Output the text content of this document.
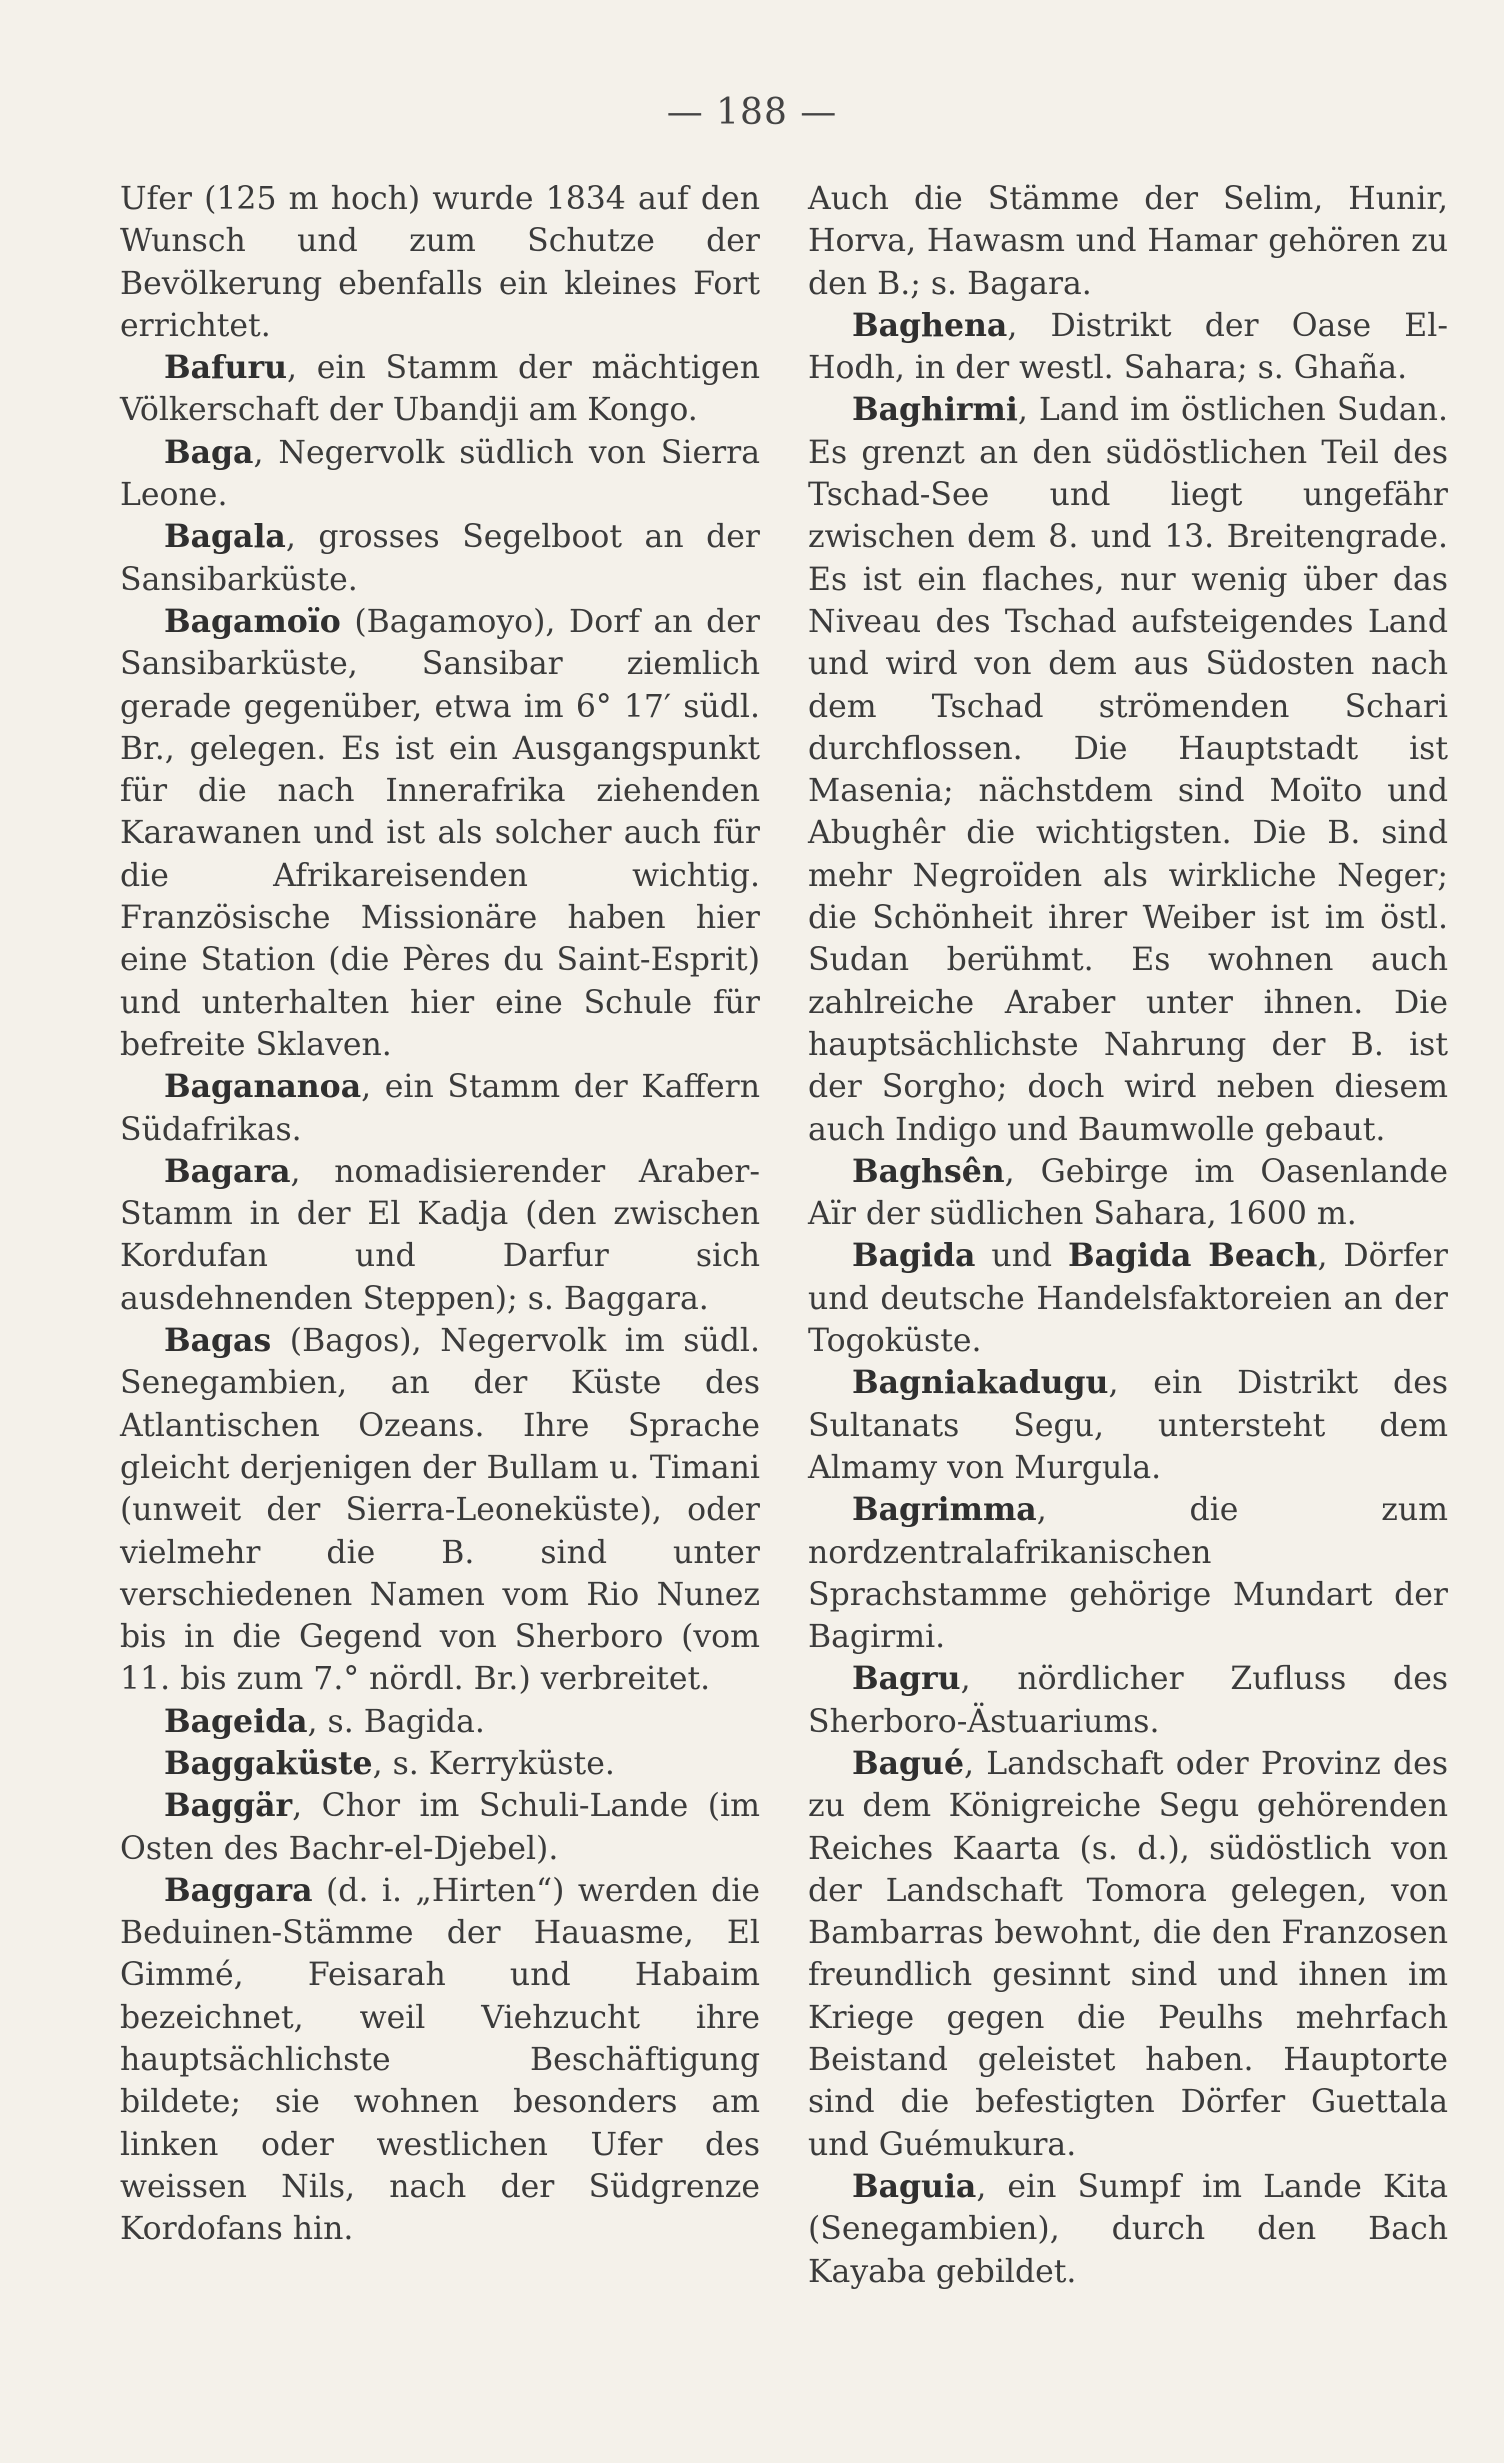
— 188 —

Ufer (125 m hoch) wurde 1834 auf den Wunsch und zum Schutze der Bevölkerung ebenfalls ein kleines Fort errichtet.

Bafuru, ein Stamm der mächtigen Völkerschaft der Ubandji am Kongo.

Baga, Negervolk südlich von Sierra Leone.

Bagala, grosses Segelboot an der Sansibarküste.

Bagamoïo (Bagamoyo), Dorf an der Sansibarküste, Sansibar ziemlich gerade gegenüber, etwa im 6° 17′ südl. Br., gelegen. Es ist ein Ausgangspunkt für die nach Innerafrika ziehenden Karawanen und ist als solcher auch für die Afrikareisenden wichtig. Französische Missionäre haben hier eine Station (die Pères du Saint-Esprit) und unterhalten hier eine Schule für befreite Sklaven.

Bagananoa, ein Stamm der Kaffern Südafrikas.

Bagara, nomadisierender Araber-Stamm in der El Kadja (den zwischen Kordufan und Darfur sich ausdehnenden Steppen); s. Baggara.

Bagas (Bagos), Negervolk im südl. Senegambien, an der Küste des Atlantischen Ozeans. Ihre Sprache gleicht derjenigen der Bullam u. Timani (unweit der Sierra-Leoneküste), oder vielmehr die B. sind unter verschiedenen Namen vom Rio Nunez bis in die Gegend von Sherboro (vom 11. bis zum 7.° nördl. Br.) verbreitet.

Bageida, s. Bagida.

Baggaküste, s. Kerryküste.

Baggär, Chor im Schuli-Lande (im Osten des Bachr-el-Djebel).

Baggara (d. i. „Hirten“) werden die Beduinen-Stämme der Hauasme, El Gimmé, Feisarah und Habaim bezeichnet, weil Viehzucht ihre hauptsächlichste Beschäftigung bildete; sie wohnen besonders am linken oder westlichen Ufer des weissen Nils, nach der Südgrenze Kordofans hin.

Auch die Stämme der Selim, Hunir, Horva, Hawasm und Hamar gehören zu den B.; s. Bagara.

Baghena, Distrikt der Oase El-Hodh, in der westl. Sahara; s. Ghaña.

Baghirmi, Land im östlichen Sudan. Es grenzt an den südöstlichen Teil des Tschad-See und liegt ungefähr zwischen dem 8. und 13. Breitengrade. Es ist ein flaches, nur wenig über das Niveau des Tschad aufsteigendes Land und wird von dem aus Südosten nach dem Tschad strömenden Schari durchflossen. Die Hauptstadt ist Masenia; nächstdem sind Moïto und Abughêr die wichtigsten. Die B. sind mehr Negroïden als wirkliche Neger; die Schönheit ihrer Weiber ist im östl. Sudan berühmt. Es wohnen auch zahlreiche Araber unter ihnen. Die hauptsächlichste Nahrung der B. ist der Sorgho; doch wird neben diesem auch Indigo und Baumwolle gebaut.

Baghsên, Gebirge im Oasenlande Aïr der südlichen Sahara, 1600 m.

Bagida und Bagida Beach, Dörfer und deutsche Handelsfaktoreien an der Togoküste.

Bagniakadugu, ein Distrikt des Sultanats Segu, untersteht dem Almamy von Murgula.

Bagrimma, die zum nordzentralafrikanischen Sprachstamme gehörige Mundart der Bagirmi.

Bagru, nördlicher Zufluss des Sherboro-Ästuariums.

Bagué, Landschaft oder Provinz des zu dem Königreiche Segu gehörenden Reiches Kaarta (s. d.), südöstlich von der Landschaft Tomora gelegen, von Bambarras bewohnt, die den Franzosen freundlich gesinnt sind und ihnen im Kriege gegen die Peulhs mehrfach Beistand geleistet haben. Hauptorte sind die befestigten Dörfer Guettala und Guémukura.

Baguia, ein Sumpf im Lande Kita (Senegambien), durch den Bach Kayaba gebildet.
